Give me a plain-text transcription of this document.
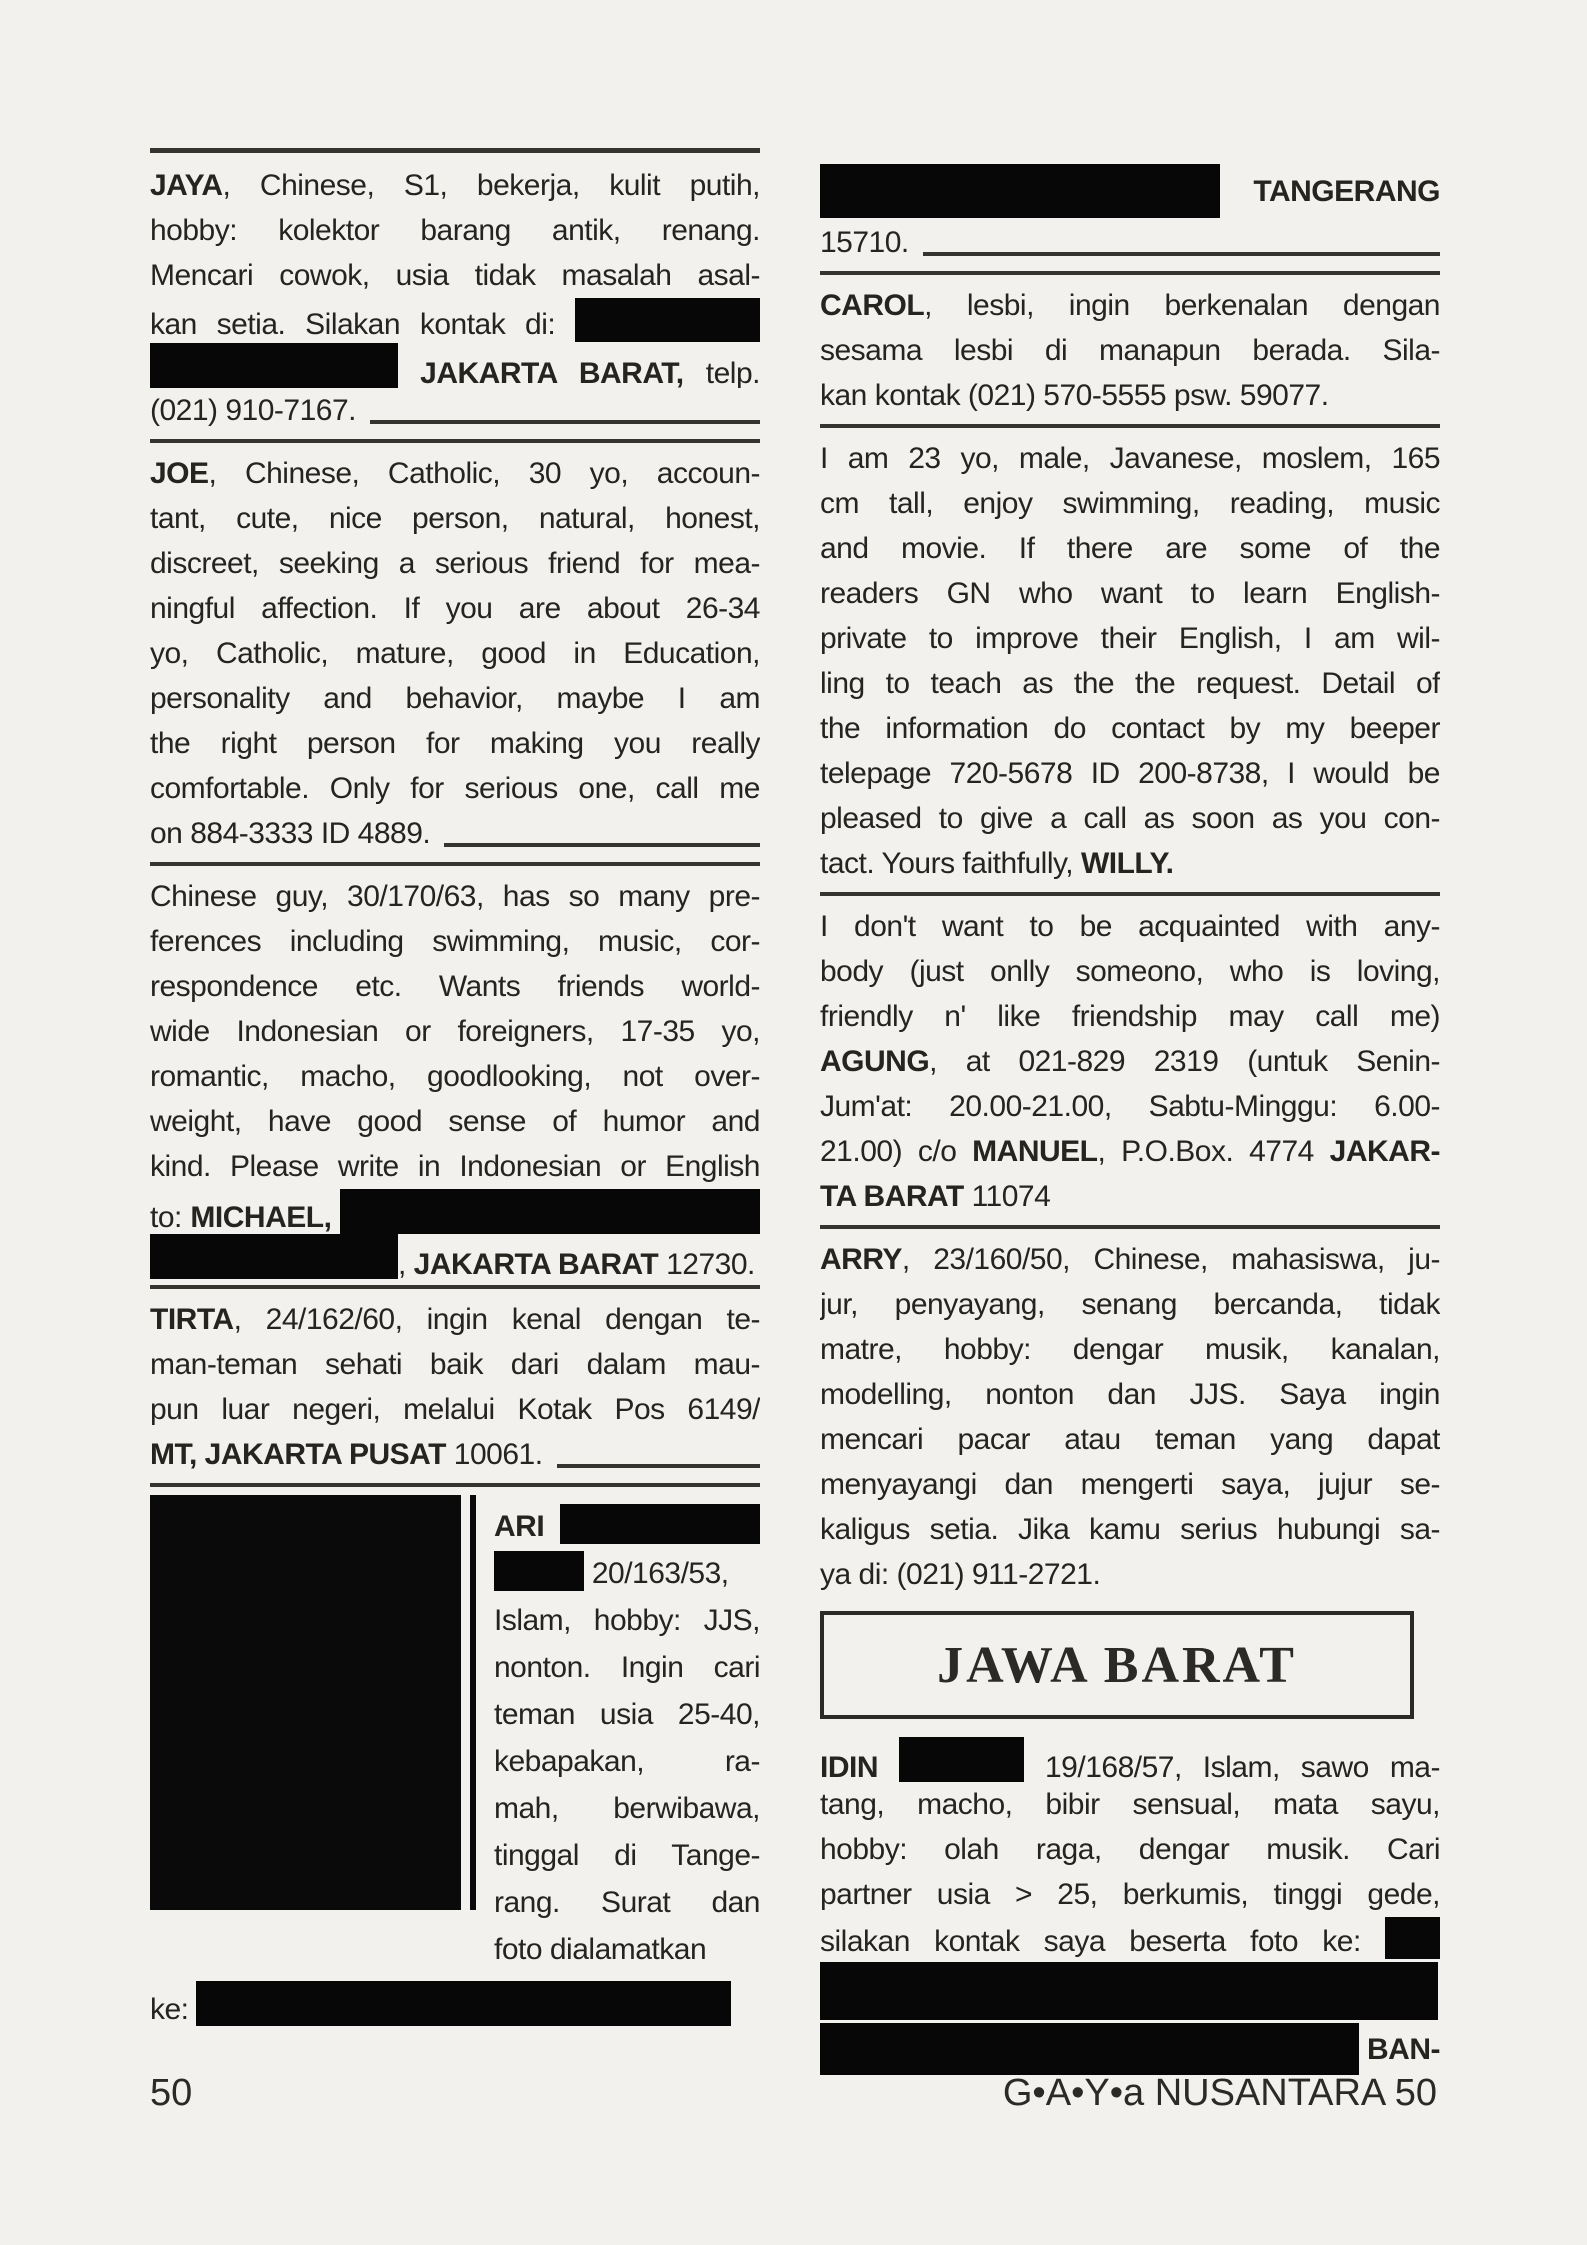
JAYA, Chinese, S1, bekerja, kulit putih,
hobby: kolektor barang antik, renang.
Mencari cowok, usia tidak masalah asal-
kan setia. Silakan kontak di:
JAKARTA BARAT, telp.
(021) 910-7167.
JOE, Chinese, Catholic, 30 yo, accoun-
tant, cute, nice person, natural, honest,
discreet, seeking a serious friend for mea-
ningful affection. If you are about 26-34
yo, Catholic, mature, good in Education,
personality and behavior, maybe I am
the right person for making you really
comfortable. Only for serious one, call me
on 884-3333 ID 4889.
Chinese guy, 30/170/63, has so many pre-
ferences including swimming, music, cor-
respondence etc. Wants friends world-
wide Indonesian or foreigners, 17-35 yo,
romantic, macho, goodlooking, not over-
weight, have good sense of humor and
kind. Please write in Indonesian or English
to: MICHAEL,
, JAKARTA BARAT 12730.
TIRTA, 24/162/60, ingin kenal dengan te-
man-teman sehati baik dari dalam mau-
pun luar negeri, melalui Kotak Pos 6149/
MT, JAKARTA PUSAT 10061.
ARI
20/163/53,
Islam, hobby: JJS,
nonton. Ingin cari
teman usia 25-40,
kebapakan, ra-
mah, berwibawa,
tinggal di Tange-
rang. Surat dan
foto dialamatkan
ke:

TANGERANG
15710.
CAROL, lesbi, ingin berkenalan dengan
sesama lesbi di manapun berada. Sila-
kan kontak (021) 570-5555 psw. 59077.
I am 23 yo, male, Javanese, moslem, 165
cm tall, enjoy swimming, reading, music
and movie. If there are some of the
readers GN who want to learn English-
private to improve their English, I am wil-
ling to teach as the the request. Detail of
the information do contact by my beeper
telepage 720-5678 ID 200-8738, I would be
pleased to give a call as soon as you con-
tact. Yours faithfully, WILLY.
I don't want to be acquainted with any-
body (just onlly someono, who is loving,
friendly n' like friendship may call me)
AGUNG, at 021-829 2319 (untuk Senin-
Jum'at: 20.00-21.00, Sabtu-Minggu: 6.00-
21.00) c/o MANUEL, P.O.Box. 4774 JAKAR-
TA BARAT 11074
ARRY, 23/160/50, Chinese, mahasiswa, ju-
jur, penyayang, senang bercanda, tidak
matre, hobby: dengar musik, kanalan,
modelling, nonton dan JJS. Saya ingin
mencari pacar atau teman yang dapat
menyayangi dan mengerti saya, jujur se-
kaligus setia. Jika kamu serius hubungi sa-
ya di: (021) 911-2721.
JAWA BARAT
IDIN	19/168/57, Islam, sawo ma-
tang, macho, bibir sensual, mata sayu,
hobby: olah raga, dengar musik. Cari
partner usia > 25, berkumis, tinggi gede,
silakan kontak saya beserta foto ke:

BAN-
50	G•A•Y•a NUSANTARA 50
